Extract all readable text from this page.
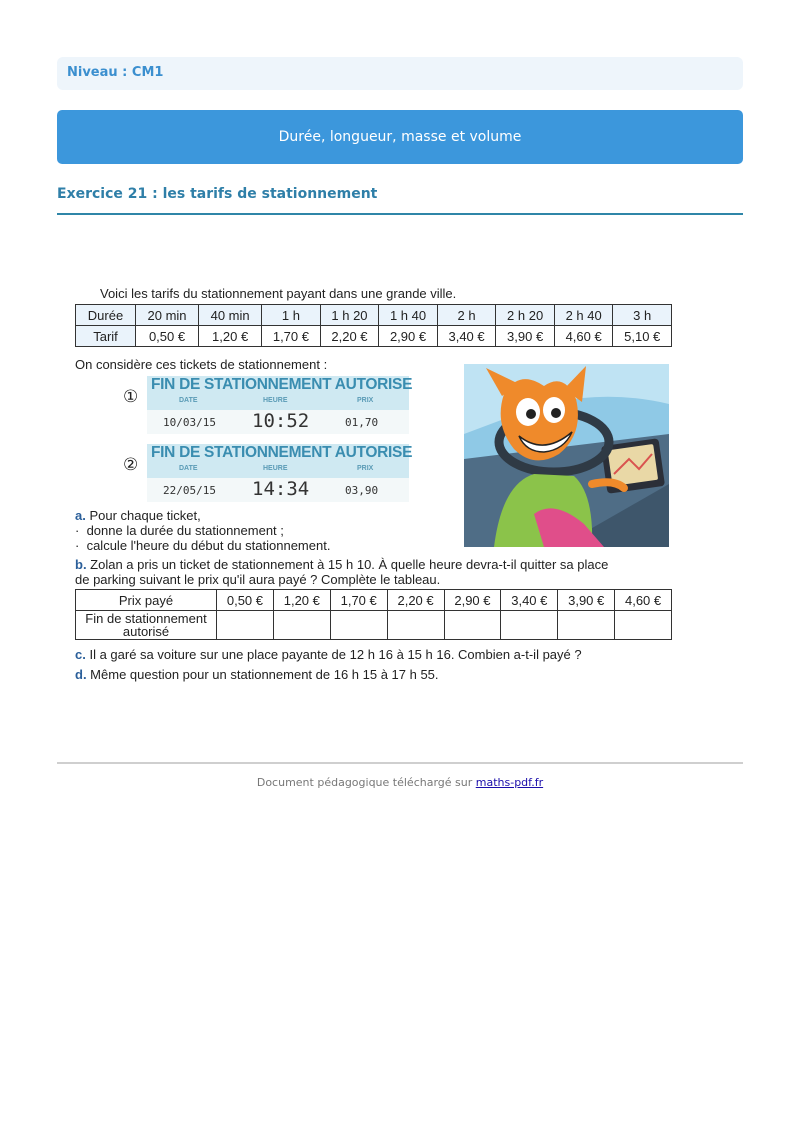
Niveau : CM1
Durée, longueur, masse et volume
Exercice 21 : les tarifs de stationnement
Voici les tarifs du stationnement payant dans une grande ville.
Durée	20 min	40 min	1 h	1 h 20	1 h 40	2 h	2 h 20	2 h 40	3 h
Tarif	0,50 €	1,20 €	1,70 €	2,20 €	2,90 €	3,40 €	3,90 €	4,60 €	5,10 €
On considère ces tickets de stationnement :
①
FIN DE STATIONNEMENT AUTORISE
DATE	HEURE	PRIX
10/03/15 10:52	01,70
②
FIN DE STATIONNEMENT AUTORISE
DATE	HEURE	PRIX
22/05/15 14:34	03,90
a. Pour chaque ticket,
· donne la durée du stationnement ;
· calcule l'heure du début du stationnement.
b. Zolan a pris un ticket de stationnement à 15 h 10. À quelle heure devra-t-il quitter sa place
de parking suivant le prix qu'il aura payé ? Complète le tableau.
Prix payé	0,50 €	1,20 €	1,70 €	2,20 €	2,90 €	3,40 €	3,90 €	4,60 €
Fin de stationnement
autorisé								
c. Il a garé sa voiture sur une place payante de 12 h 16 à 15 h 16. Combien a-t-il payé ?
d. Même question pour un stationnement de 16 h 15 à 17 h 55.
Document pédagogique téléchargé sur maths-pdf.fr
